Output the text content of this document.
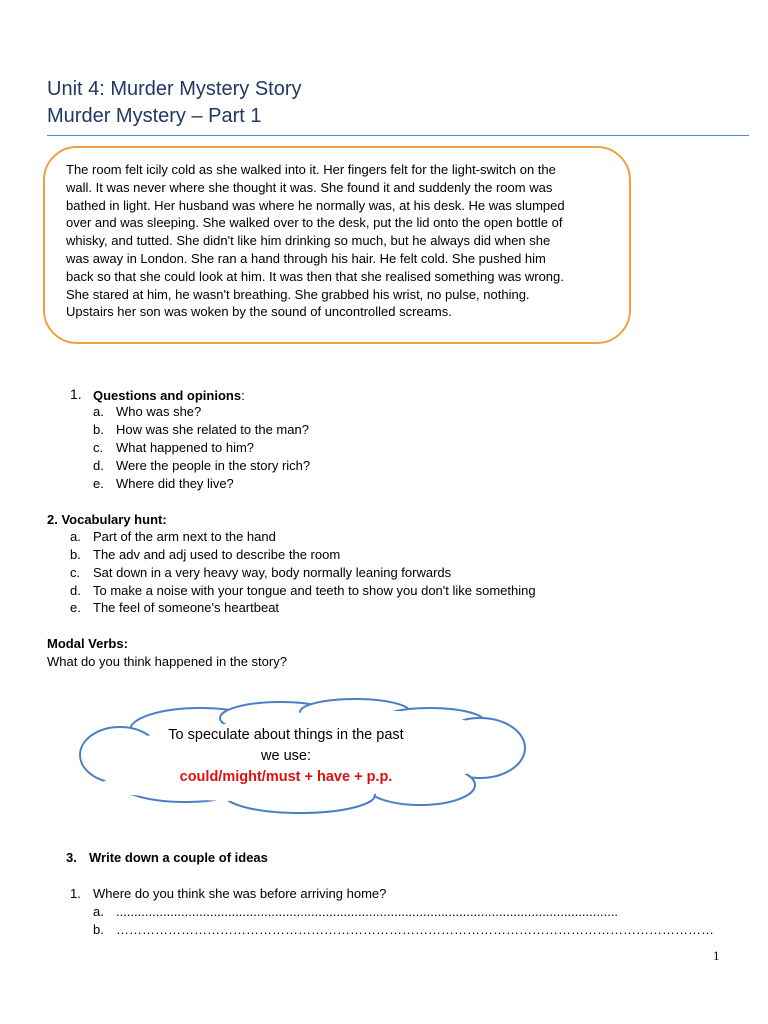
Unit 4: Murder Mystery Story
Murder Mystery – Part 1
The room felt icily cold as she walked into it. Her fingers felt for the light-switch on the
wall. It was never where she thought it was. She found it and suddenly the room was
bathed in light. Her husband was where he normally was, at his desk. He was slumped
over and was sleeping. She walked over to the desk, put the lid onto the open bottle of
whisky, and tutted. She didn't like him drinking so much, but he always did when she
was away in London. She ran a hand through his hair. He felt cold. She pushed him
back so that she could look at him. It was then that she realised something was wrong.
She stared at him, he wasn't breathing. She grabbed his wrist, no pulse, nothing.
Upstairs her son was woken by the sound of uncontrolled screams.
1. Questions and opinions:
a. Who was she?
b. How was she related to the man?
c. What happened to him?
d. Were the people in the story rich?
e. Where did they live?
2. Vocabulary hunt:
a. Part of the arm next to the hand
b. The adv and adj used to describe the room
c. Sat down in a very heavy way, body normally leaning forwards
d. To make a noise with your tongue and teeth to show you don't like something
e. The feel of someone's heartbeat
Modal Verbs:
What do you think happened in the story?
To speculate about things in the past
we use:
could/might/must + have + p.p.
3. Write down a couple of ideas
1. Where do you think she was before arriving home?
a. ...........................................................................................................................................
b. …………………………………………………………………………………………………………………………
1
